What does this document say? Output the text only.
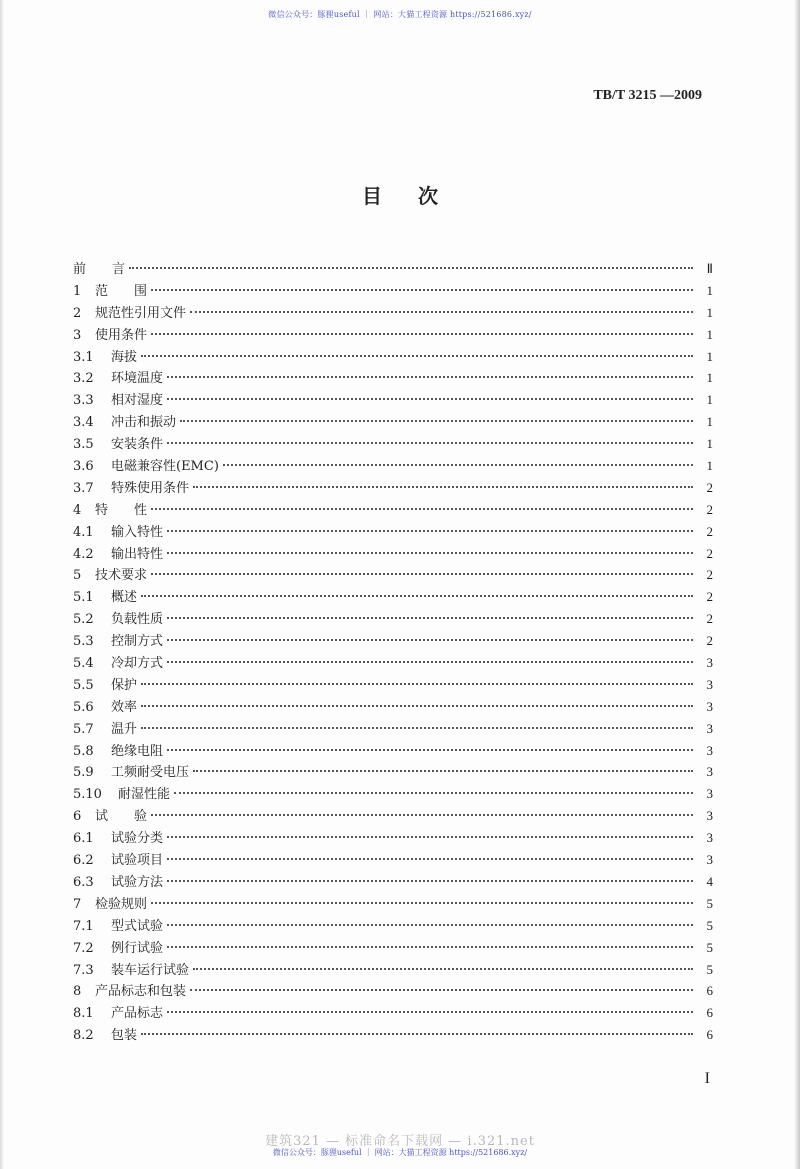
微信公众号：豚狸useful ｜ 网站：大猫工程资源 https://521686.xyz/
TB/T 3215 —2009
目次
前　　言	Ⅱ
1	范　　围	1
2	规范性引用文件	1
3	使用条件	1
3.1	海拔	1
3.2	环境温度	1
3.3	相对湿度	1
3.4	冲击和振动	1
3.5	安装条件	1
3.6	电磁兼容性(EMC)	1
3.7	特殊使用条件	2
4	特　　性	2
4.1	输入特性	2
4.2	输出特性	2
5	技术要求	2
5.1	概述	2
5.2	负载性质	2
5.3	控制方式	2
5.4	冷却方式	3
5.5	保护	3
5.6	效率	3
5.7	温升	3
5.8	绝缘电阻	3
5.9	工频耐受电压	3
5.10	耐湿性能	3
6	试　　验	3
6.1	试验分类	3
6.2	试验项目	3
6.3	试验方法	4
7	检验规则	5
7.1	型式试验	5
7.2	例行试验	5
7.3	装车运行试验	5
8	产品标志和包装	6
8.1	产品标志	6
8.2	包装	6
I
建筑321 — 标准命名下载网 — i.321.net
微信公众号：豚狸useful ｜ 网站：大猫工程资源 https://521686.xyz/
